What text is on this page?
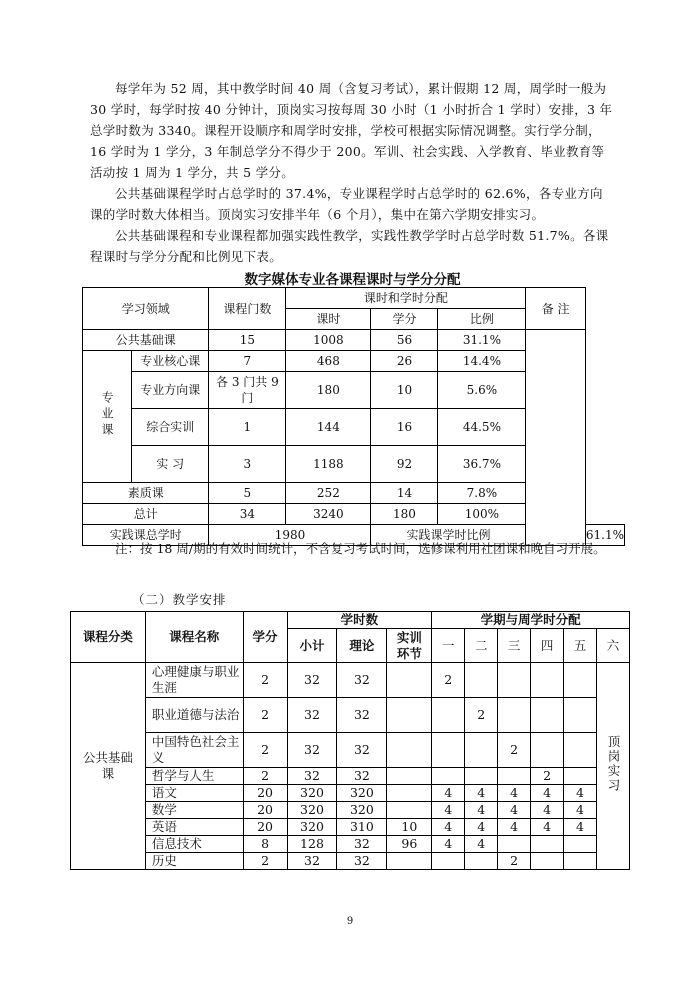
每学年为 52 周，其中教学时间 40 周（含复习考试），累计假期 12 周，周学时一般为 30 学时，每学时按 40 分钟计，顶岗实习按每周 30 小时（1 小时折合 1 学时）安排，3 年总学时数为 3340。课程开设顺序和周学时安排，学校可根据实际情况调整。实行学分制，16 学时为 1 学分，3 年制总学分不得少于 200。军训、社会实践、入学教育、毕业教育等活动按 1 周为 1 学分，共 5 学分。
公共基础课程学时占总学时的 37.4%，专业课程学时占总学时的 62.6%，各专业方向课的学时数大体相当。顶岗实习安排半年（6 个月），集中在第六学期安排实习。
公共基础课程和专业课程都加强实践性教学，实践性教学学时占总学时数 51.7%。各课程课时与学分分配和比例见下表。
数字媒体专业各课程课时与学分分配
学习领域		课程门数	课时和学时分配			备 注	
			课时	学分	比例		
公共基础课		15	1008	56	31.1%		
专业课	专业核心课	7	468	26	14.4%		
	专业方向课	各 3 门共 9 门	180	10	5.6%		
	综合实训	1	144	16	44.5%		
	实 习	3	1188	92	36.7%		
素质课		5	252	14	7.8%		
总计		34	3240	180	100%		
实践课总学时		1980		实践课学时比例			61.1%
注：按 18 周/期的有效时间统计，不含复习考试时间，选修课利用社团课和晚自习开展。
（二）教学安排
课程分类	课程名称	学分	学时数			学期与周学时分配					
			小计	理论	实训环节	一	二	三	四	五	六
公共基础课	心理健康与职业生涯	2	32	32		2					顶岗实习
	职业道德与法治	2	32	32			2				
	中国特色社会主义	2	32	32				2			
	哲学与人生	2	32	32					2		
	语文	20	320	320		4	4	4	4	4	
	数学	20	320	320		4	4	4	4	4	
	英语	20	320	310	10	4	4	4	4	4	
	信息技术	8	128	32	96	4	4				
	历史	2	32	32				2			
9
